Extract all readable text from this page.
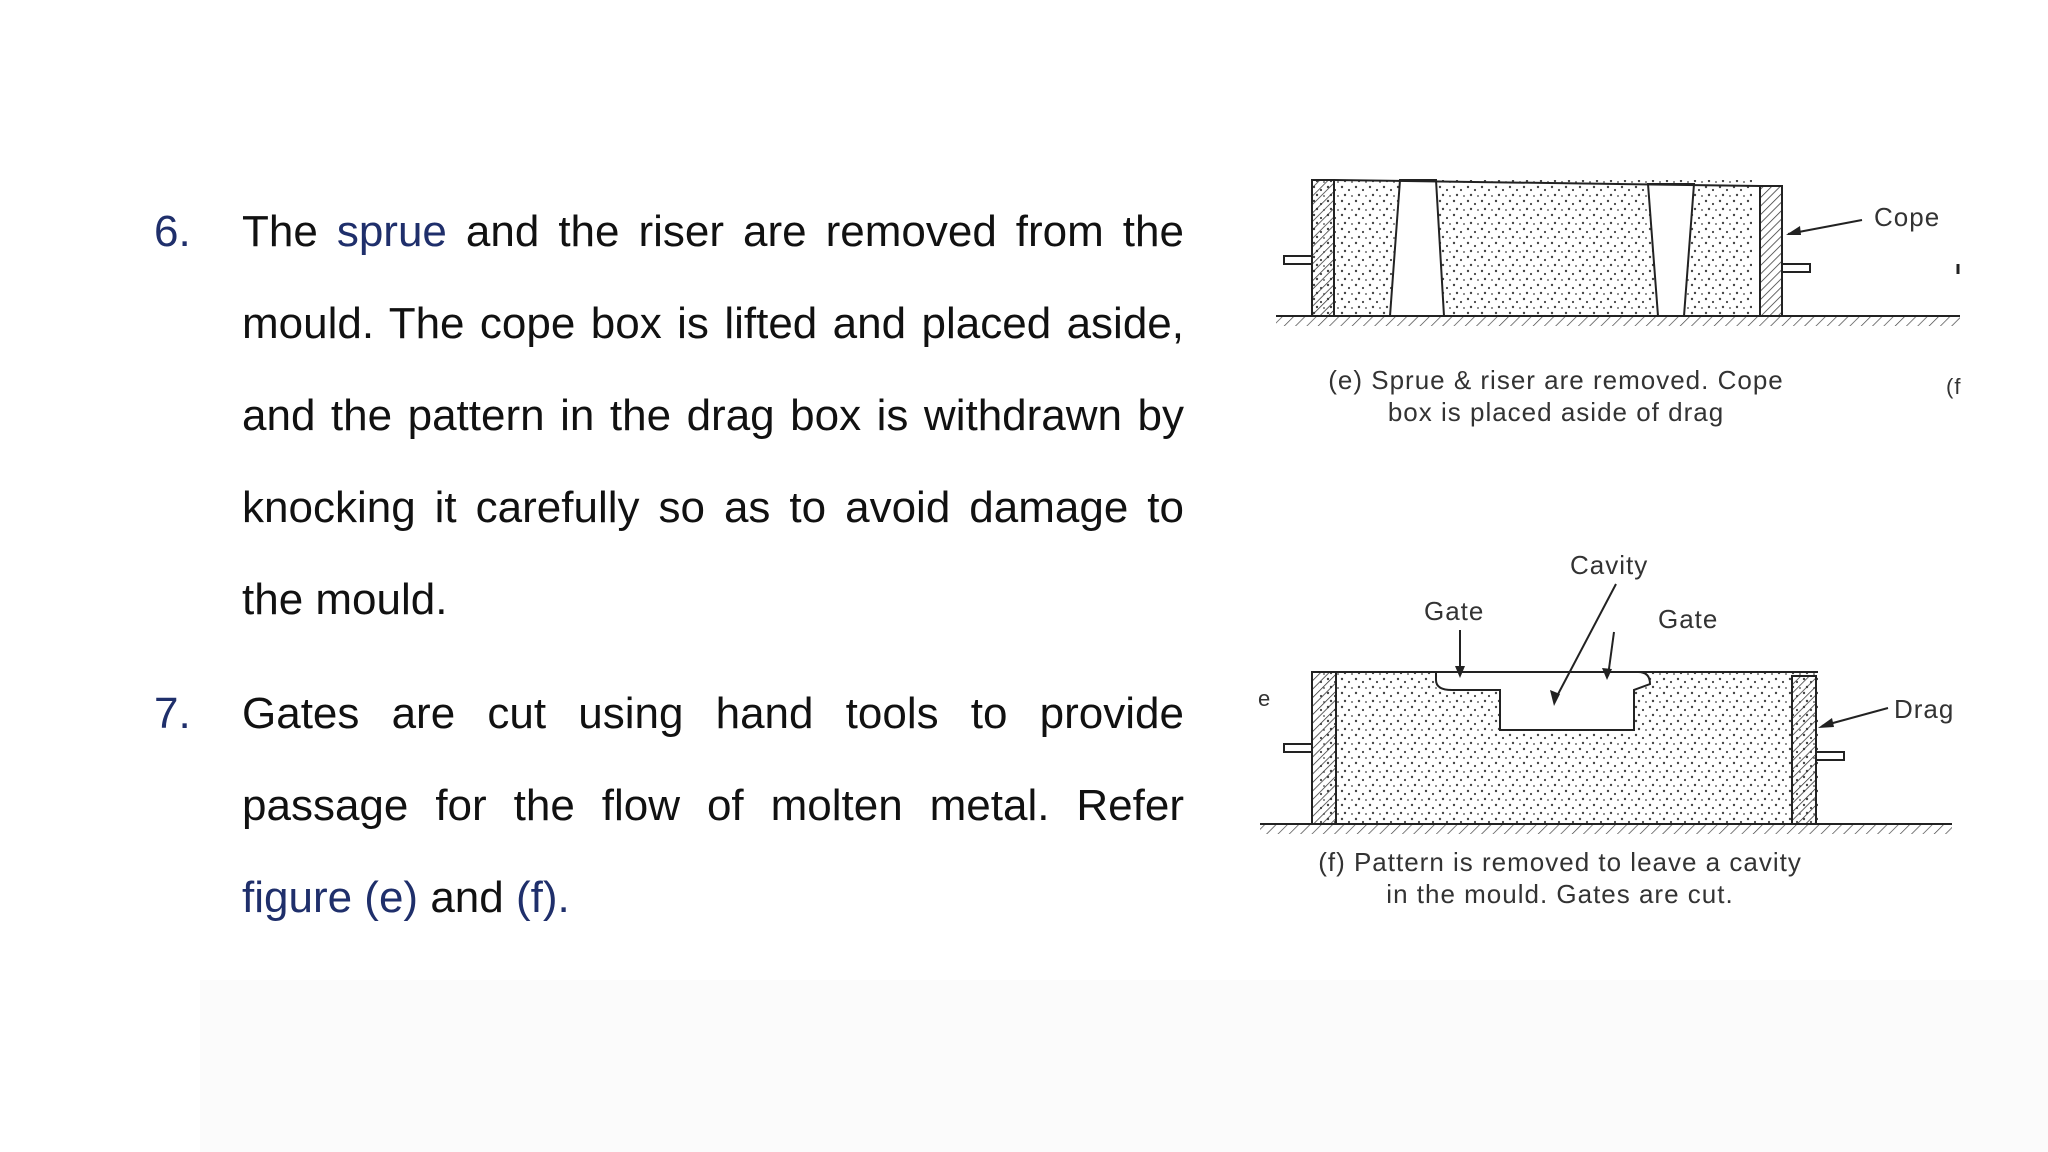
6. The sprue and the riser are removed from the mould. The cope box is lifted and placed aside, and the pattern in the drag box is withdrawn by knocking it carefully so as to avoid damage to the mould.
7. Gates are cut using hand tools to provide passage for the flow of molten metal. Refer figure (e) and (f).
Cope
(f
(e) Sprue & riser are removed. Cope
box is placed aside of drag
Cavity
Gate	Gate
Drag
e
(f) Pattern is removed to leave a cavity
in the mould. Gates are cut.
